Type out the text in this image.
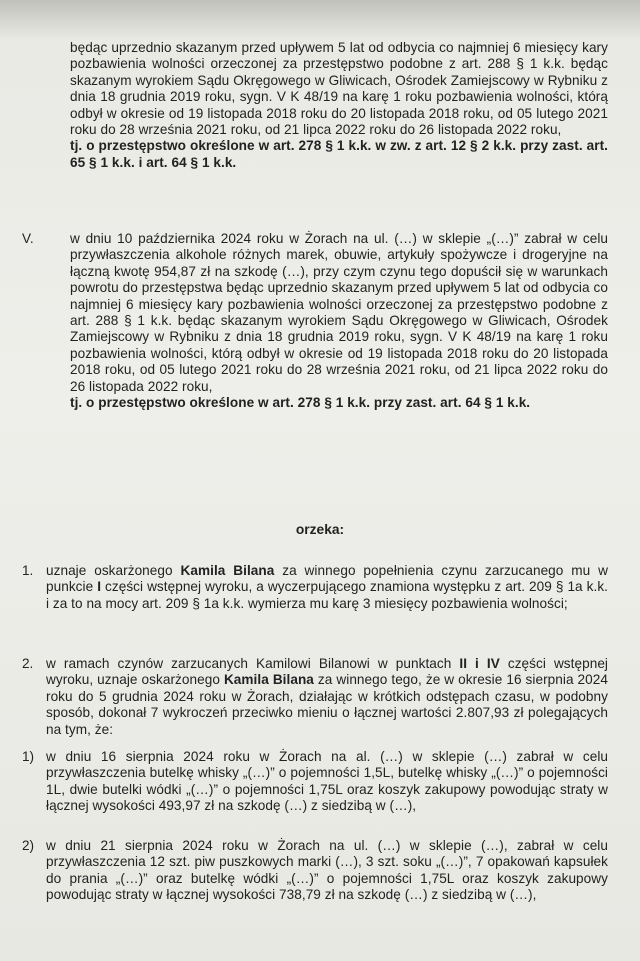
będąc uprzednio skazanym przed upływem 5 lat od odbycia co najmniej 6 miesięcy kary pozbawienia wolności orzeczonej za przestępstwo podobne z art. 288 § 1 k.k. będąc skazanym wyrokiem Sądu Okręgowego w Gliwicach, Ośrodek Zamiejscowy w Rybniku z dnia 18 grudnia 2019 roku, sygn. V K 48/19 na karę 1 roku pozbawienia wolności, którą odbył w okresie od 19 listopada 2018 roku do 20 listopada 2018 roku, od 05 lutego 2021 roku do 28 września 2021 roku, od 21 lipca 2022 roku do 26 listopada 2022 roku,

tj. o przestępstwo określone w art. 278 § 1 k.k. w zw. z art. 12 § 2 k.k. przy zast. art. 65 § 1 k.k. i art. 64 § 1 k.k.

V.	w dniu 10 października 2024 roku w Żorach na ul. (…) w sklepie „(…)” zabrał w celu przywłaszczenia alkohole różnych marek, obuwie, artykuły spożywcze i drogeryjne na łączną kwotę 954,87 zł na szkodę (…), przy czym czynu tego dopuścił się w warunkach powrotu do przestępstwa będąc uprzednio skazanym przed upływem 5 lat od odbycia co najmniej 6 miesięcy kary pozbawienia wolności orzeczonej za przestępstwo podobne z art. 288 § 1 k.k. będąc skazanym wyrokiem Sądu Okręgowego w Gliwicach, Ośrodek Zamiejscowy w Rybniku z dnia 18 grudnia 2019 roku, sygn. V K 48/19 na karę 1 roku pozbawienia wolności, którą odbył w okresie od 19 listopada 2018 roku do 20 listopada 2018 roku, od 05 lutego 2021 roku do 28 września 2021 roku, od 21 lipca 2022 roku do 26 listopada 2022 roku,

tj. o przestępstwo określone w art. 278 § 1 k.k. przy zast. art. 64 § 1 k.k.

orzeka:
1. uznaje oskarżonego Kamila Bilana za winnego popełnienia czynu zarzucanego mu w punkcie I części wstępnej wyroku, a wyczerpującego znamiona występku z art. 209 § 1a k.k. i za to na mocy art. 209 § 1a k.k. wymierza mu karę 3 miesięcy pozbawienia wolności;

2. w ramach czynów zarzucanych Kamilowi Bilanowi w punktach II i IV części wstępnej wyroku, uznaje oskarżonego Kamila Bilana za winnego tego, że w okresie 16 sierpnia 2024 roku do 5 grudnia 2024 roku w Żorach, działając w krótkich odstępach czasu, w podobny sposób, dokonał 7 wykroczeń przeciwko mieniu o łącznej wartości 2.807,93 zł polegających na tym, że:

1) w dniu 16 sierpnia 2024 roku w Żorach na al. (…) w sklepie (…) zabrał w celu przywłaszczenia butelkę whisky „(…)” o pojemności 1,5L, butelkę whisky „(…)” o pojemności 1L, dwie butelki wódki „(…)” o pojemności 1,75L oraz koszyk zakupowy powodując straty w łącznej wysokości 493,97 zł na szkodę (…) z siedzibą w (…),

2) w dniu 21 sierpnia 2024 roku w Żorach na ul. (…) w sklepie (…), zabrał w celu przywłaszczenia 12 szt. piw puszkowych marki (…), 3 szt. soku „(…)”, 7 opakowań kapsułek do prania „(…)” oraz butelkę wódki „(…)” o pojemności 1,75L oraz koszyk zakupowy powodując straty w łącznej wysokości 738,79 zł na szkodę (…) z siedzibą w (…),
